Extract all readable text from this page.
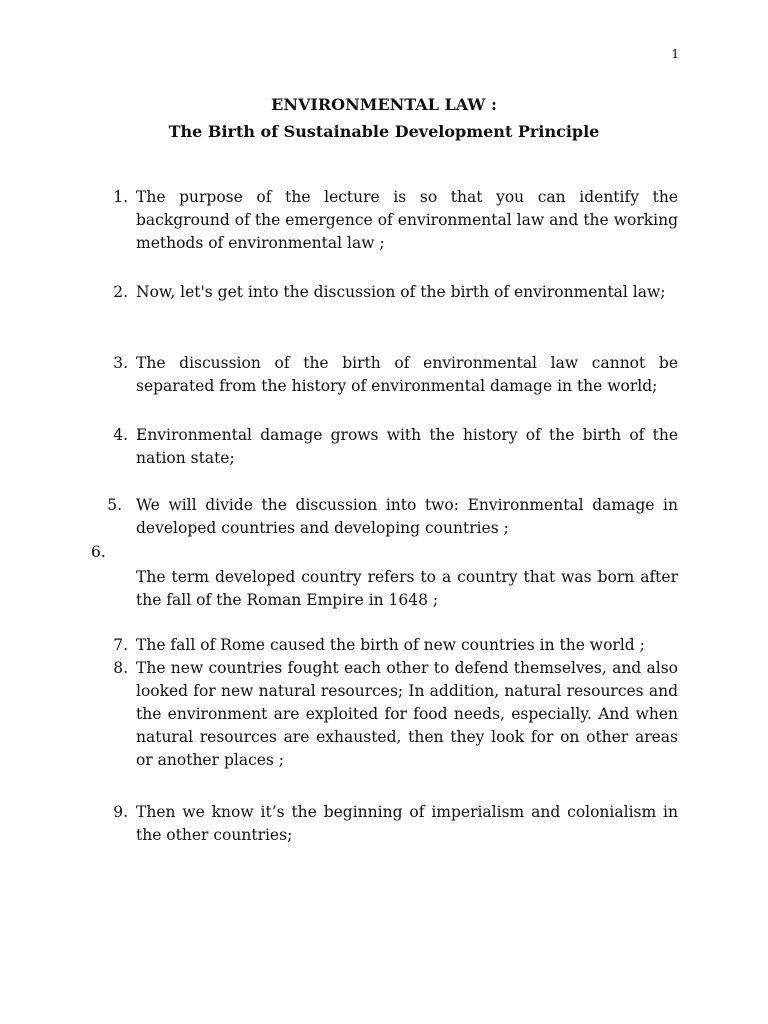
1
ENVIRONMENTAL LAW :
The Birth of Sustainable Development Principle
1. The purpose of the lecture is so that you can identify the background of the emergence of environmental law and the working methods of environmental law ;
2. Now, let's get into the discussion of the birth of environmental law;
3. The discussion of the birth of environmental law cannot be separated from the history of environmental damage in the world;
4. Environmental damage grows with the history of the birth of the nation state;
5. We will divide the discussion into two: Environmental damage in developed countries and developing countries ;
6.
The term developed country refers to a country that was born after the fall of the Roman Empire in 1648 ;
7. The fall of Rome caused the birth of new countries in the world ;
8. The new countries fought each other to defend themselves, and also looked for new natural resources; In addition, natural resources and the environment are exploited for food needs, especially. And when natural resources are exhausted, then they look for on other areas or another places ;
9. Then we know it’s the beginning of imperialism and colonialism in the other countries;
